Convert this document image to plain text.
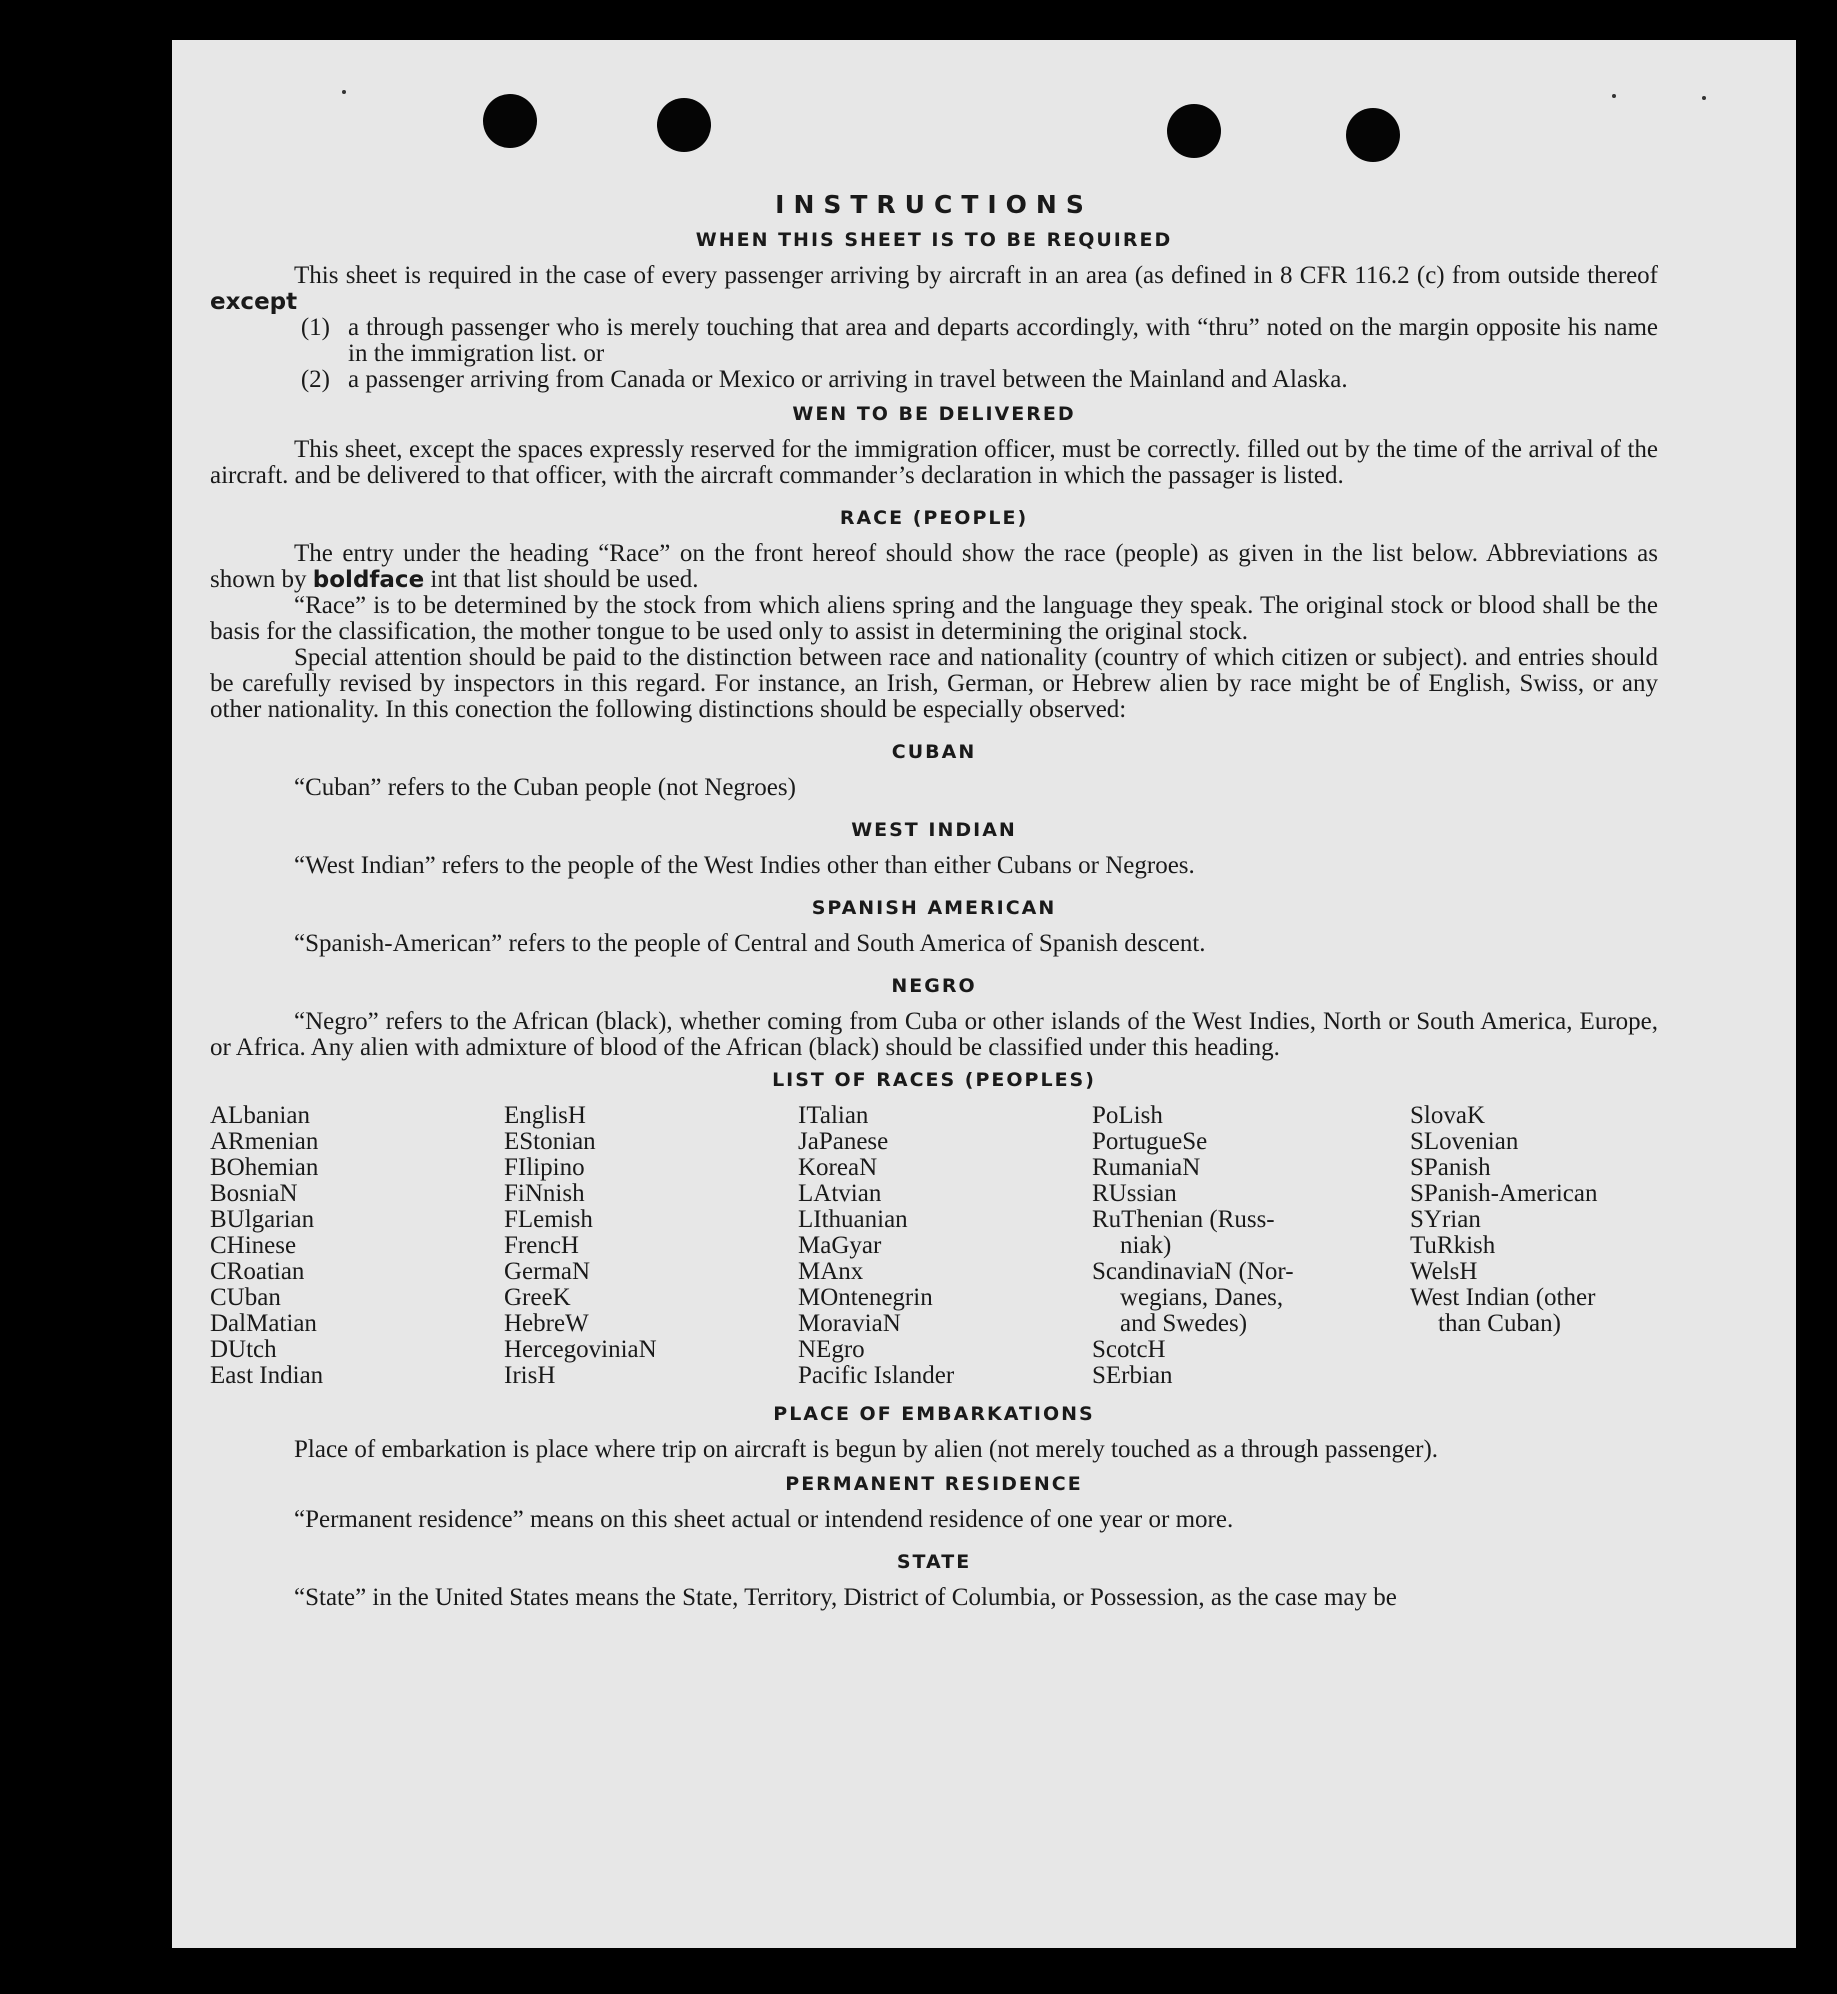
INSTRUCTIONS
WHEN THIS SHEET IS TO BE REQUIRED

This sheet is required in the case of every passenger arriving by aircraft in an area (as defined in 8 CFR 116.2 (c) from outside thereof except

(1) a through passenger who is merely touching that area and departs accordingly, with “thru” noted on the margin opposite his name in the immigration list. or
(2) a passenger arriving from Canada or Mexico or arriving in travel between the Mainland and Alaska.
WEN TO BE DELIVERED

This sheet, except the spaces expressly reserved for the immigration officer, must be correctly. filled out by the time of the arrival of the aircraft. and be delivered to that officer, with the aircraft commander’s declaration in which the passager is listed.

RACE (PEOPLE)

The entry under the heading “Race” on the front hereof should show the race (people) as given in the list below. Abbreviations as shown by boldface int that list should be used.

“Race” is to be determined by the stock from which aliens spring and the language they speak. The original stock or blood shall be the basis for the classification, the mother tongue to be used only to assist in determining the original stock.

Special attention should be paid to the distinction between race and nationality (country of which citizen or subject). and entries should be carefully revised by inspectors in this regard. For instance, an Irish, German, or Hebrew alien by race might be of English, Swiss, or any other nationality. In this conection the following distinctions should be especially observed:

CUBAN

“Cuban” refers to the Cuban people (not Negroes)

WEST INDIAN

“West Indian” refers to the people of the West Indies other than either Cubans or Negroes.

SPANISH AMERICAN

“Spanish-American” refers to the people of Central and South America of Spanish descent.

NEGRO

“Negro” refers to the African (black), whether coming from Cuba or other islands of the West Indies, North or South America, Europe, or Africa. Any alien with admixture of blood of the African (black) should be classified under this heading.

LIST OF RACES (PEOPLES)
ALbanian
ARmenian
BOhemian
BosniaN
BUlgarian
CHinese
CRoatian
CUban
DalMatian
DUtch
East Indian
EnglisH
EStonian
FIlipino
FiNnish
FLemish
FrencH
GermaN
GreeK
HebreW
HercegoviniaN
IrisH
ITalian
JaPanese
KoreaN
LAtvian
LIthuanian
MaGyar
MAnx
MOntenegrin
MoraviaN
NEgro
Pacific Islander
PoLish
PortugueSe
RumaniaN
RUssian
RuThenian (Russ-
niak)
ScandinaviaN (Nor-
wegians, Danes,
and Swedes)
ScotcH
SErbian
SlovaK
SLovenian
SPanish
SPanish-American
SYrian
TuRkish
WelsH
West Indian (other
than Cuban)
PLACE OF EMBARKATIONS

Place of embarkation is place where trip on aircraft is begun by alien (not merely touched as a through passenger).

PERMANENT RESIDENCE

“Permanent residence” means on this sheet actual or intendend residence of one year or more.

STATE

“State” in the United States means the State, Territory, District of Columbia, or Possession, as the case may be
